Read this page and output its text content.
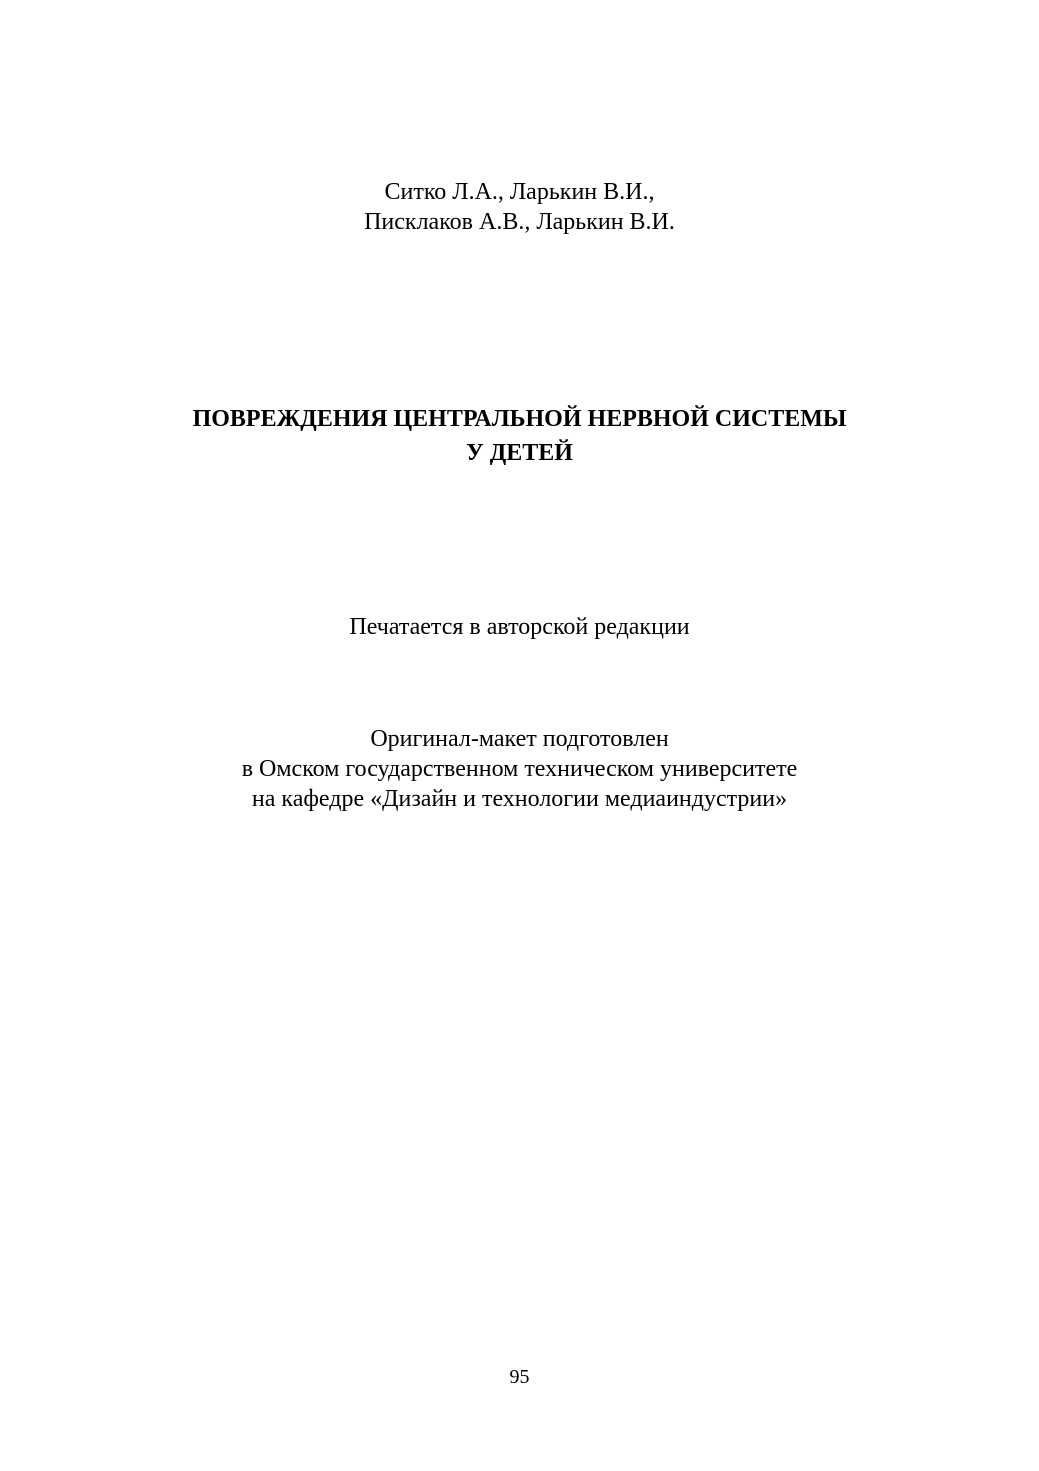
Ситко Л.А., Ларькин В.И.,
Писклаков А.В., Ларькин В.И.
ПОВРЕЖДЕНИЯ ЦЕНТРАЛЬНОЙ НЕРВНОЙ СИСТЕМЫ
У ДЕТЕЙ
Печатается в авторской редакции
Оригинал-макет подготовлен
в Омском государственном техническом университете
на кафедре «Дизайн и технологии медиаиндустрии»
95
